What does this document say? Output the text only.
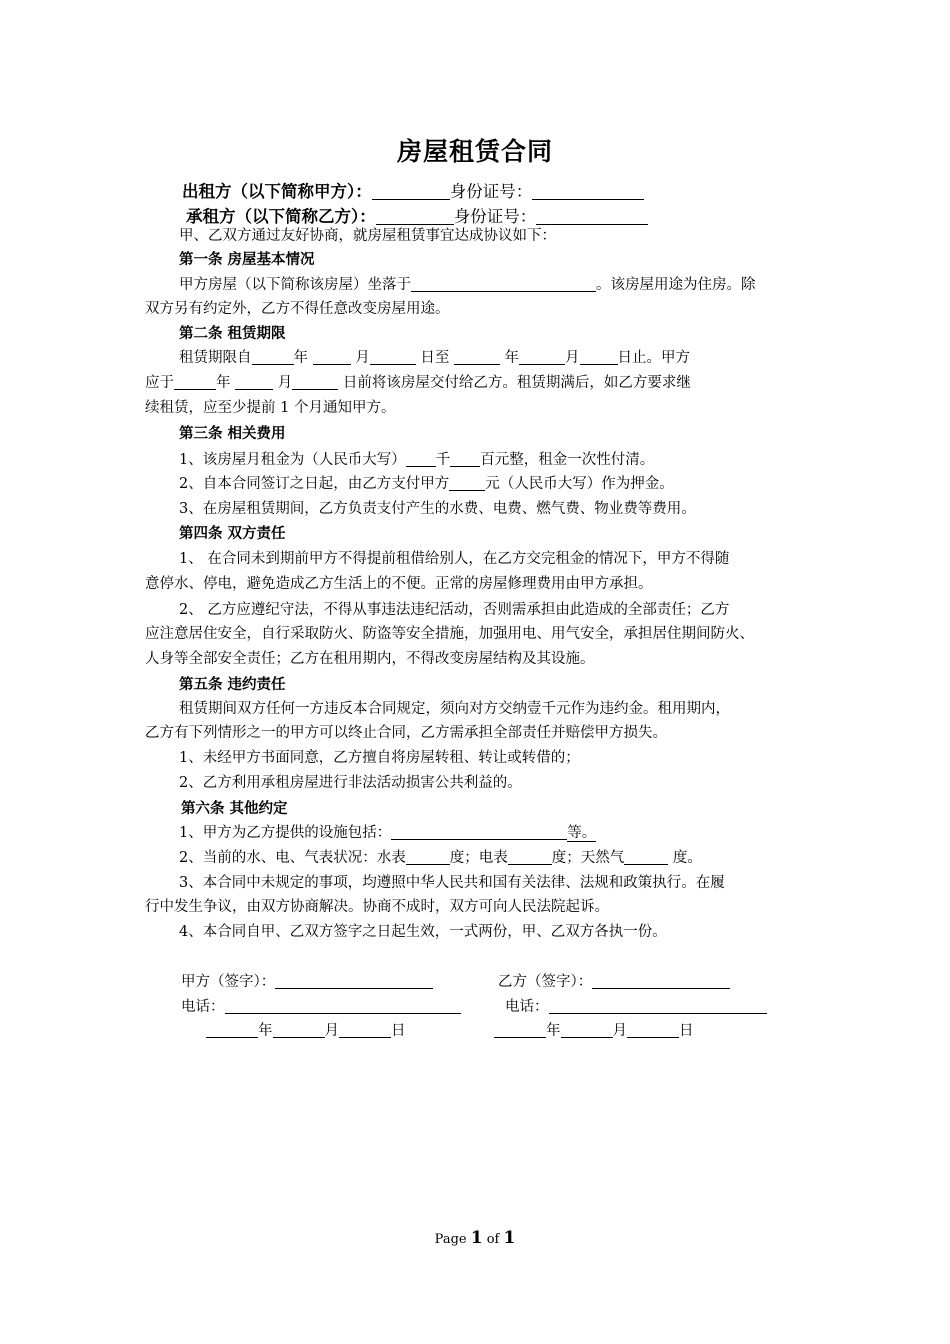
房屋租赁合同
出租方（以下简称甲方）：	身份证号：
承租方（以下简称乙方）：	身份证号：
甲、乙双方通过友好协商，就房屋租赁事宜达成协议如下：
第一条 房屋基本情况
甲方房屋（以下简称该房屋）坐落于	。该房屋用途为住房。除
双方另有约定外，乙方不得任意改变房屋用途。
第二条 租赁期限
租赁期限自	年	月	日至	年	月	日止。甲方
应于	年	月	日前将该房屋交付给乙方。租赁期满后，如乙方要求继
续租赁，应至少提前 1 个月通知甲方。
第三条 相关费用
1、该房屋月租金为（人民币大写） 千 百元整，租金一次性付清。
2、自本合同签订之日起，由乙方支付甲方 元（人民币大写）作为押金。
3、在房屋租赁期间，乙方负责支付产生的水费、电费、燃气费、物业费等费用。
第四条 双方责任
1、 在合同未到期前甲方不得提前租借给别人，在乙方交完租金的情况下，甲方不得随
意停水、停电，避免造成乙方生活上的不便。正常的房屋修理费用由甲方承担。
2、 乙方应遵纪守法，不得从事违法违纪活动，否则需承担由此造成的全部责任；乙方
应注意居住安全，自行采取防火、防盗等安全措施，加强用电、用气安全，承担居住期间防火、
人身等全部安全责任；乙方在租用期内，不得改变房屋结构及其设施。
第五条 违约责任
租赁期间双方任何一方违反本合同规定，须向对方交纳壹千元作为违约金。租用期内，
乙方有下列情形之一的甲方可以终止合同，乙方需承担全部责任并赔偿甲方损失。
1、未经甲方书面同意，乙方擅自将房屋转租、转让或转借的；
2、乙方利用承租房屋进行非法活动损害公共利益的。
第六条 其他约定
1、甲方为乙方提供的设施包括：	等。
2、当前的水、电、气表状况：水表	度；电表	度；天然气	度。
3、本合同中未规定的事项，均遵照中华人民共和国有关法律、法规和政策执行。在履
行中发生争议，由双方协商解决。协商不成时，双方可向人民法院起诉。
4、本合同自甲、乙双方签字之日起生效，一式两份，甲、乙双方各执一份。
甲方（签字）：	乙方（签字）：
电话：	电话：
年	月	日	年	月	日
Page 1 of 1
